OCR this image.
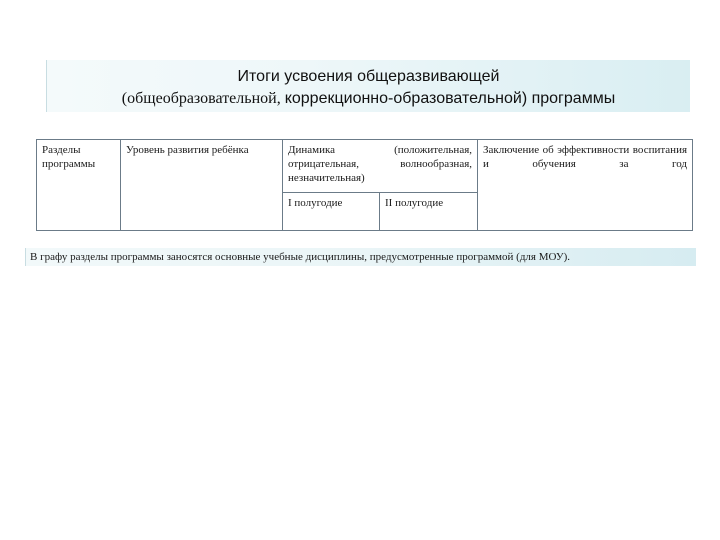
Итоги усвоения общеразвивающей
(общеобразовательной, коррекционно-образовательной) программы
Разделы программы	Уровень развития ребёнка	Динамика (положительная, отрицательная, волнообразная, незначительная)		Заключение об эффективности воспитания и обучения за год
		I полугодие	II полугодие	
В графу разделы программы заносятся основные учебные дисциплины, предусмотренные программой (для МОУ).
